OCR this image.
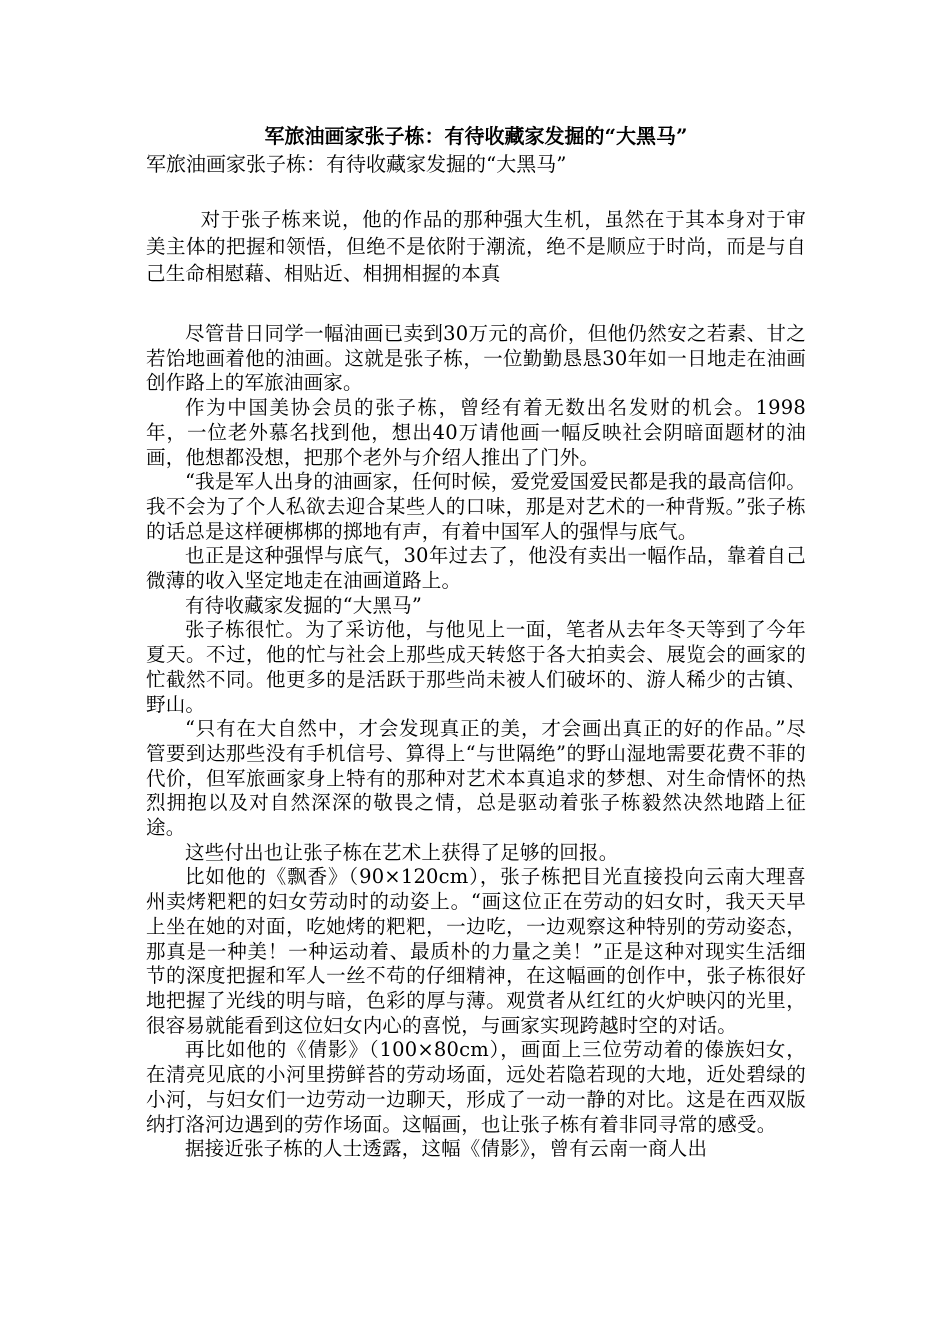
军旅油画家张子栋：有待收藏家发掘的“大黑马”
军旅油画家张子栋：有待收藏家发掘的“大黑马”

对于张子栋来说，他的作品的那种强大生机，虽然在于其本身对于审美主体的把握和领悟，但绝不是依附于潮流，绝不是顺应于时尚，而是与自己生命相慰藉、相贴近、相拥相握的本真

尽管昔日同学一幅油画已卖到30万元的高价，但他仍然安之若素、甘之若饴地画着他的油画。这就是张子栋，一位勤勤恳恳30年如一日地走在油画创作路上的军旅油画家。

作为中国美协会员的张子栋，曾经有着无数出名发财的机会。1998年，一位老外慕名找到他，想出40万请他画一幅反映社会阴暗面题材的油画，他想都没想，把那个老外与介绍人推出了门外。

“我是军人出身的油画家，任何时候，爱党爱国爱民都是我的最高信仰。我不会为了个人私欲去迎合某些人的口味，那是对艺术的一种背叛。”张子栋的话总是这样硬梆梆的掷地有声，有着中国军人的强悍与底气。

也正是这种强悍与底气，30年过去了，他没有卖出一幅作品，靠着自己微薄的收入坚定地走在油画道路上。

有待收藏家发掘的“大黑马”

张子栋很忙。为了采访他，与他见上一面，笔者从去年冬天等到了今年夏天。不过，他的忙与社会上那些成天转悠于各大拍卖会、展览会的画家的忙截然不同。他更多的是活跃于那些尚未被人们破坏的、游人稀少的古镇、野山。

“只有在大自然中，才会发现真正的美，才会画出真正的好的作品。”尽管要到达那些没有手机信号、算得上“与世隔绝”的野山湿地需要花费不菲的代价，但军旅画家身上特有的那种对艺术本真追求的梦想、对生命情怀的热烈拥抱以及对自然深深的敬畏之情，总是驱动着张子栋毅然决然地踏上征途。

这些付出也让张子栋在艺术上获得了足够的回报。

比如他的《飘香》（90×120cm），张子栋把目光直接投向云南大理喜州卖烤粑粑的妇女劳动时的动姿上。“画这位正在劳动的妇女时，我天天早上坐在她的对面，吃她烤的粑粑，一边吃，一边观察这种特别的劳动姿态，那真是一种美！一种运动着、最质朴的力量之美！”正是这种对现实生活细节的深度把握和军人一丝不苟的仔细精神，在这幅画的创作中，张子栋很好地把握了光线的明与暗，色彩的厚与薄。观赏者从红红的火炉映闪的光里，很容易就能看到这位妇女内心的喜悦，与画家实现跨越时空的对话。

再比如他的《倩影》（100×80cm），画面上三位劳动着的傣族妇女，在清亮见底的小河里捞鲜苔的劳动场面，远处若隐若现的大地，近处碧绿的小河，与妇女们一边劳动一边聊天，形成了一动一静的对比。这是在西双版纳打洛河边遇到的劳作场面。这幅画，也让张子栋有着非同寻常的感受。

据接近张子栋的人士透露，这幅《倩影》，曾有云南一商人出
